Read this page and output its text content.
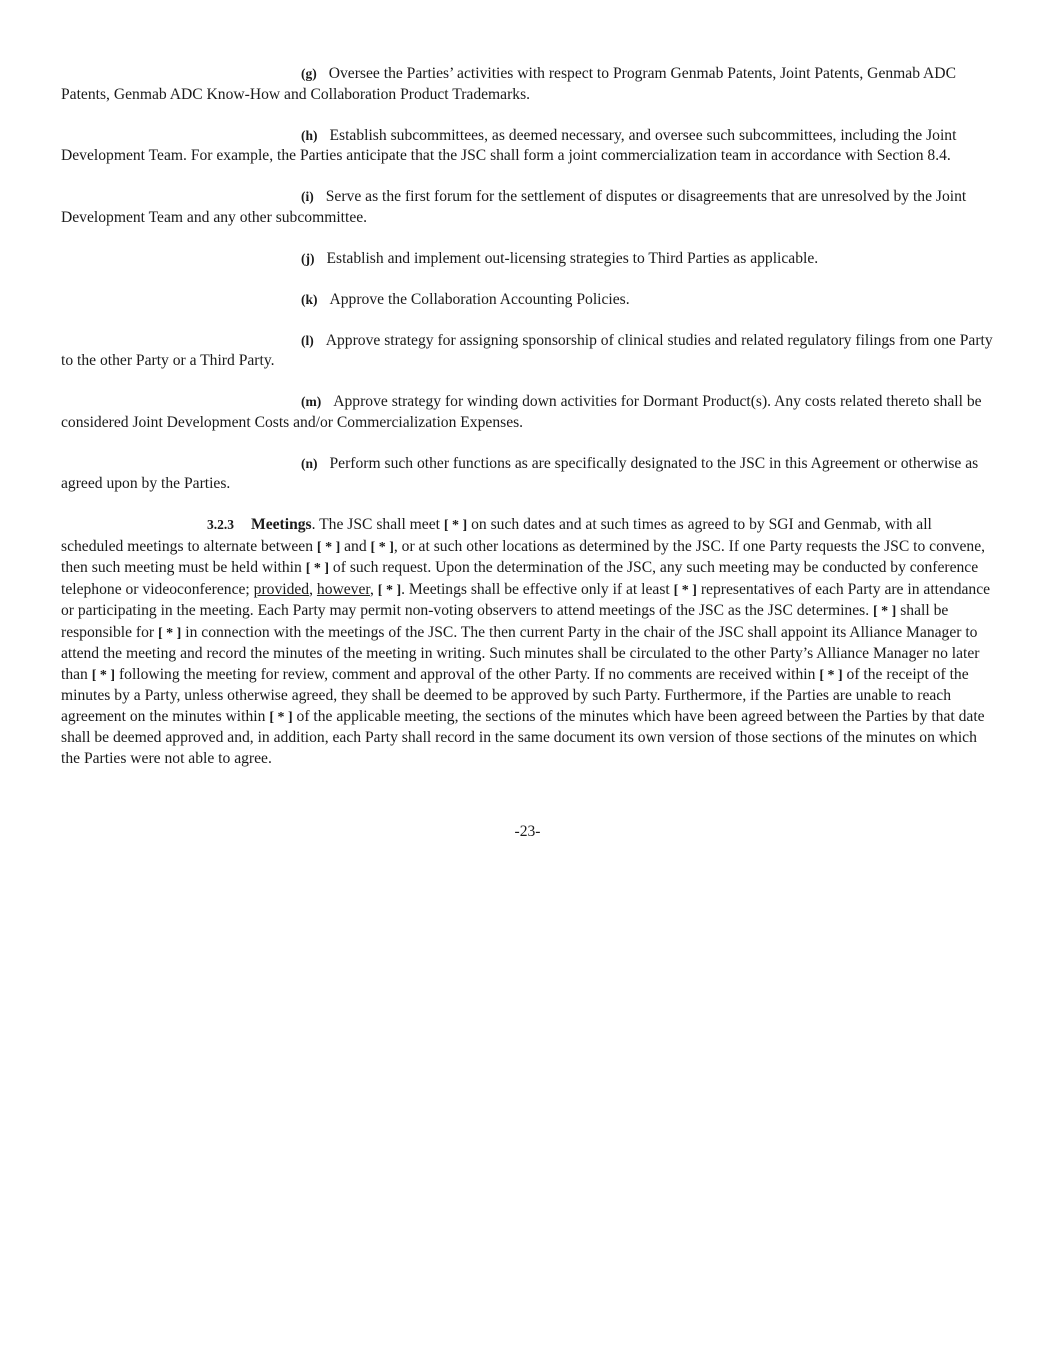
(g) Oversee the Parties’ activities with respect to Program Genmab Patents, Joint Patents, Genmab ADC Patents, Genmab ADC Know-How and Collaboration Product Trademarks.

(h) Establish subcommittees, as deemed necessary, and oversee such subcommittees, including the Joint Development Team. For example, the Parties anticipate that the JSC shall form a joint commercialization team in accordance with Section 8.4.

(i) Serve as the first forum for the settlement of disputes or disagreements that are unresolved by the Joint Development Team and any other subcommittee.

(j) Establish and implement out-licensing strategies to Third Parties as applicable.

(k) Approve the Collaboration Accounting Policies.

(l) Approve strategy for assigning sponsorship of clinical studies and related regulatory filings from one Party to the other Party or a Third Party.

(m) Approve strategy for winding down activities for Dormant Product(s). Any costs related thereto shall be considered Joint Development Costs and/or Commercialization Expenses.

(n) Perform such other functions as are specifically designated to the JSC in this Agreement or otherwise as agreed upon by the Parties.

3.2.3 Meetings. The JSC shall meet [ * ] on such dates and at such times as agreed to by SGI and Genmab, with all scheduled meetings to alternate between [ * ] and [ * ], or at such other locations as determined by the JSC. If one Party requests the JSC to convene, then such meeting must be held within [ * ] of such request. Upon the determination of the JSC, any such meeting may be conducted by conference telephone or videoconference; provided, however, [ * ]. Meetings shall be effective only if at least [ * ] representatives of each Party are in attendance or participating in the meeting. Each Party may permit non-voting observers to attend meetings of the JSC as the JSC determines. [ * ] shall be responsible for [ * ] in connection with the meetings of the JSC. The then current Party in the chair of the JSC shall appoint its Alliance Manager to attend the meeting and record the minutes of the meeting in writing. Such minutes shall be circulated to the other Party’s Alliance Manager no later than [ * ] following the meeting for review, comment and approval of the other Party. If no comments are received within [ * ] of the receipt of the minutes by a Party, unless otherwise agreed, they shall be deemed to be approved by such Party. Furthermore, if the Parties are unable to reach agreement on the minutes within [ * ] of the applicable meeting, the sections of the minutes which have been agreed between the Parties by that date shall be deemed approved and, in addition, each Party shall record in the same document its own version of those sections of the minutes on which the Parties were not able to agree.

-23-
